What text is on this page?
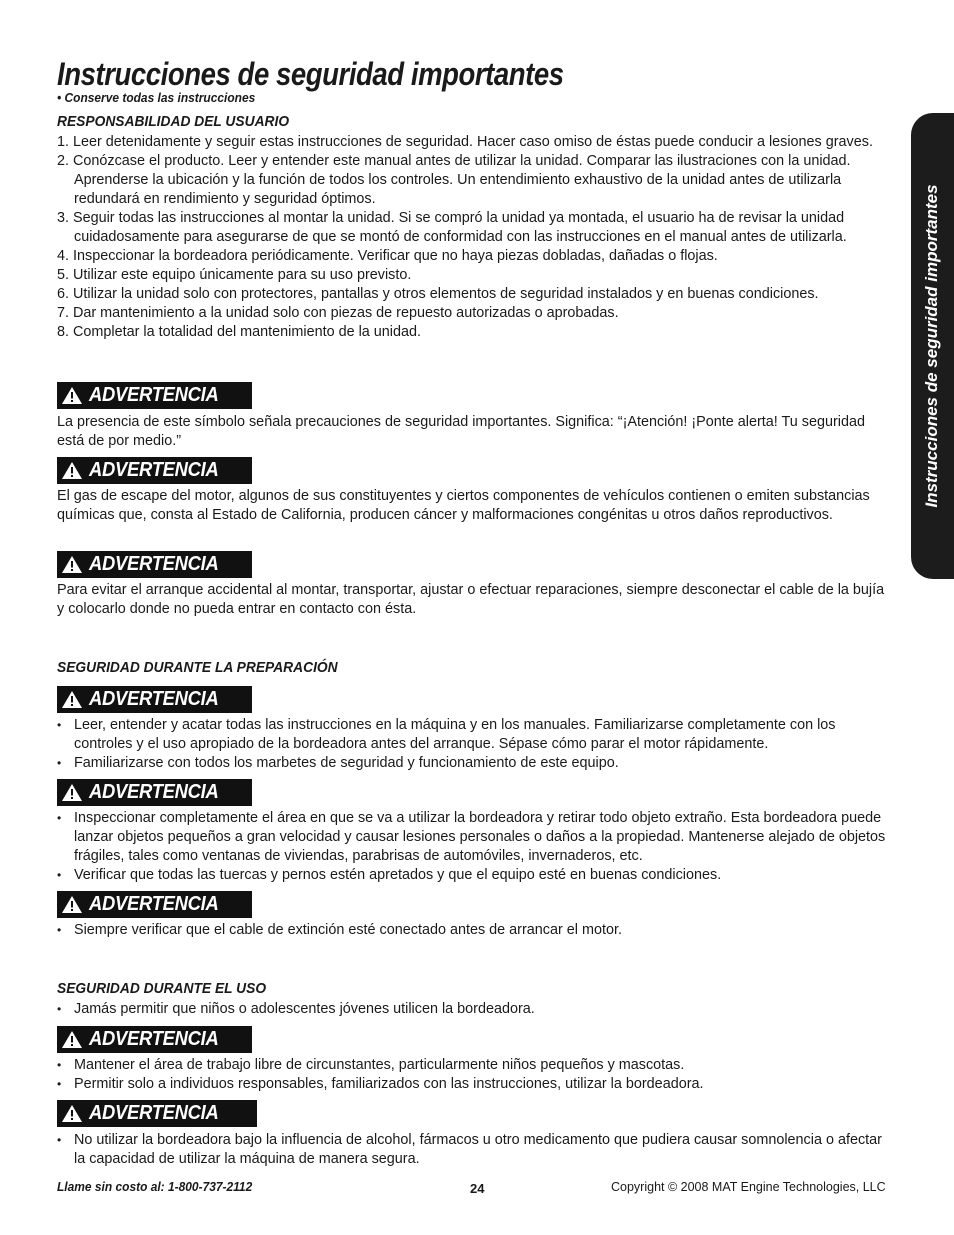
Instrucciones de seguridad importantes
• Conserve todas las instrucciones
Instrucciones de seguridad importantes
RESPONSABILIDAD DEL USUARIO
1. Leer detenidamente y seguir estas instrucciones de seguridad. Hacer caso omiso de éstas puede conducir a lesiones graves.
2. Conózcase el producto. Leer y entender este manual antes de utilizar la unidad. Comparar las ilustraciones con la unidad. Aprenderse la ubicación y la función de todos los controles. Un entendimiento exhaustivo de la unidad antes de utilizarla redundará en rendimiento y seguridad óptimos.
3. Seguir todas las instrucciones al montar la unidad. Si se compró la unidad ya montada, el usuario ha de revisar la unidad cuidadosamente para asegurarse de que se montó de conformidad con las instrucciones en el manual antes de utilizarla.
4. Inspeccionar la bordeadora periódicamente. Verificar que no haya piezas dobladas, dañadas o flojas.
5. Utilizar este equipo únicamente para su uso previsto.
6. Utilizar la unidad solo con protectores, pantallas y otros elementos de seguridad instalados y en buenas condiciones.
7. Dar mantenimiento a la unidad solo con piezas de repuesto autorizadas o aprobadas.
8. Completar la totalidad del mantenimiento de la unidad.
ADVERTENCIA

La presencia de este símbolo señala precauciones de seguridad importantes. Significa: “¡Atención! ¡Ponte alerta! Tu seguridad está de por medio.”

ADVERTENCIA

El gas de escape del motor, algunos de sus constituyentes y ciertos componentes de vehículos contienen o emiten substancias químicas que, consta al Estado de California, producen cáncer y malformaciones congénitas u otros daños reproductivos.

ADVERTENCIA

Para evitar el arranque accidental al montar, transportar, ajustar o efectuar reparaciones, siempre desconectar el cable de la bujía y colocarlo donde no pueda entrar en contacto con ésta.

SEGURIDAD DURANTE LA PREPARACIÓN
ADVERTENCIA
• Leer, entender y acatar todas las instrucciones en la máquina y en los manuales. Familiarizarse completamente con los controles y el uso apropiado de la bordeadora antes del arranque. Sépase cómo parar el motor rápidamente.
• Familiarizarse con todos los marbetes de seguridad y funcionamiento de este equipo.
ADVERTENCIA
• Inspeccionar completamente el área en que se va a utilizar la bordeadora y retirar todo objeto extraño. Esta bordeadora puede lanzar objetos pequeños a gran velocidad y causar lesiones personales o daños a la propiedad. Mantenerse alejado de objetos frágiles, tales como ventanas de viviendas, parabrisas de automóviles, invernaderos, etc.
• Verificar que todas las tuercas y pernos estén apretados y que el equipo esté en buenas condiciones.
ADVERTENCIA
• Siempre verificar que el cable de extinción esté conectado antes de arrancar el motor.
SEGURIDAD DURANTE EL USO
• Jamás permitir que niños o adolescentes jóvenes utilicen la bordeadora.
ADVERTENCIA
• Mantener el área de trabajo libre de circunstantes, particularmente niños pequeños y mascotas.
• Permitir solo a individuos responsables, familiarizados con las instrucciones, utilizar la bordeadora.
ADVERTENCIA
• No utilizar la bordeadora bajo la influencia de alcohol, fármacos u otro medicamento que pudiera causar somnolencia o afectar la capacidad de utilizar la máquina de manera segura.
Llame sin costo al: 1-800-737-2112	24	Copyright © 2008 MAT Engine Technologies, LLC
